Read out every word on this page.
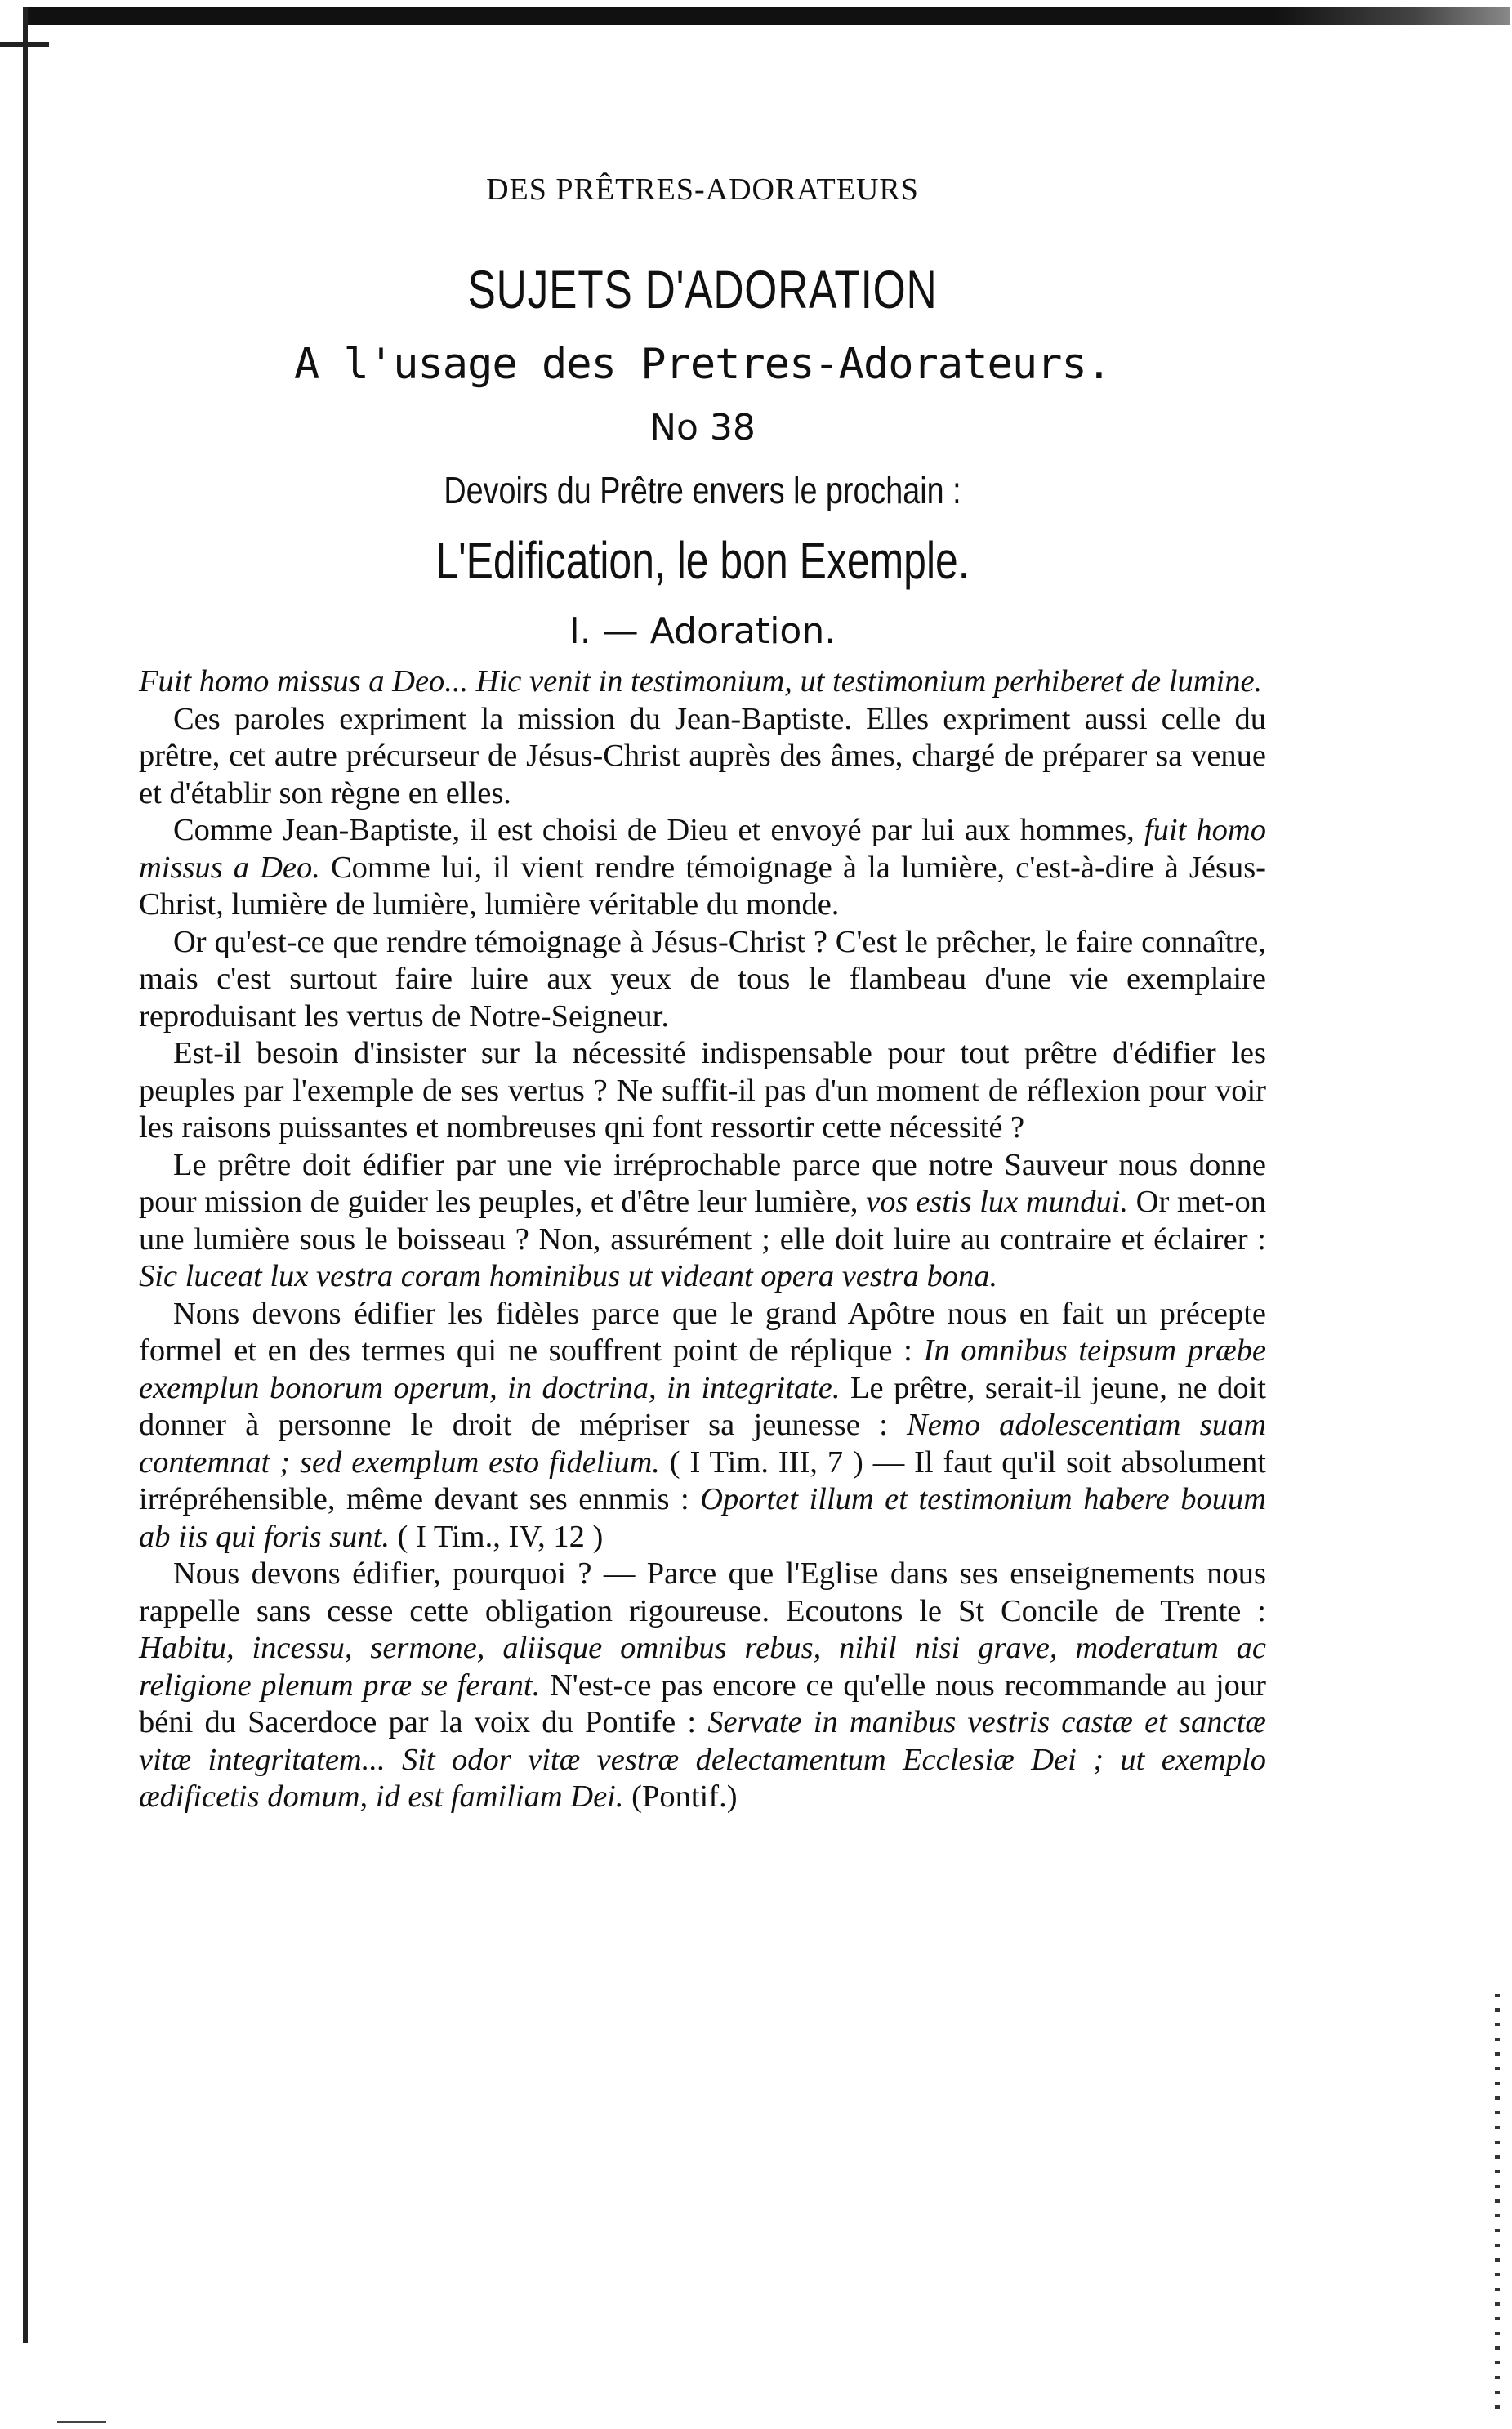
DES PRÊTRES-ADORATEURS
SUJETS D'ADORATION
A l'usage des Pretres-Adorateurs.
No 38
Devoirs du Prêtre envers le prochain :
L'Edification, le bon Exemple.
I. — Adoration.

Fuit homo missus a Deo... Hic venit in testimonium, ut testimonium perhiberet de lumine.

Ces paroles expriment la mission du Jean-Baptiste. Elles expriment aussi celle du prêtre, cet autre précurseur de Jésus-Christ auprès des âmes, chargé de préparer sa venue et d'établir son règne en elles.

Comme Jean-Baptiste, il est choisi de Dieu et envoyé par lui aux hommes, fuit homo missus a Deo. Comme lui, il vient rendre témoignage à la lumière, c'est-à-dire à Jésus-Christ, lumière de lumière, lumière véritable du monde.

Or qu'est-ce que rendre témoignage à Jésus-Christ ? C'est le prêcher, le faire connaître, mais c'est surtout faire luire aux yeux de tous le flambeau d'une vie exemplaire reproduisant les vertus de Notre-Seigneur.

Est-il besoin d'insister sur la nécessité indispensable pour tout prêtre d'édifier les peuples par l'exemple de ses vertus ? Ne suffit-il pas d'un moment de réflexion pour voir les raisons puissantes et nombreuses qni font ressortir cette nécessité ?

Le prêtre doit édifier par une vie irréprochable parce que notre Sauveur nous donne pour mission de guider les peuples, et d'être leur lumière, vos estis lux mundui. Or met-on une lumière sous le boisseau ? Non, assurément ; elle doit luire au contraire et éclairer : Sic luceat lux vestra coram hominibus ut videant opera vestra bona.

Nons devons édifier les fidèles parce que le grand Apôtre nous en fait un précepte formel et en des termes qui ne souffrent point de réplique : In omnibus teipsum præbe exemplun bonorum operum, in doctrina, in integritate. Le prêtre, serait-il jeune, ne doit donner à personne le droit de mépriser sa jeunesse : Nemo adolescentiam suam contemnat ; sed exemplum esto fidelium. ( I Tim. III, 7 ) — Il faut qu'il soit absolument irrépréhensible, même devant ses ennmis : Oportet illum et testimonium habere bouum ab iis qui foris sunt. ( I Tim., IV, 12 )

Nous devons édifier, pourquoi ? — Parce que l'Eglise dans ses enseignements nous rappelle sans cesse cette obligation rigoureuse. Ecoutons le St Concile de Trente : Habitu, incessu, sermone, aliisque omnibus rebus, nihil nisi grave, moderatum ac religione plenum præ se ferant. N'est-ce pas encore ce qu'elle nous recommande au jour béni du Sacerdoce par la voix du Pontife : Servate in manibus vestris castæ et sanctæ vitæ integritatem... Sit odor vitæ vestræ delectamentum Ecclesiæ Dei ; ut exemplo ædificetis domum, id est familiam Dei. (Pontif.)
